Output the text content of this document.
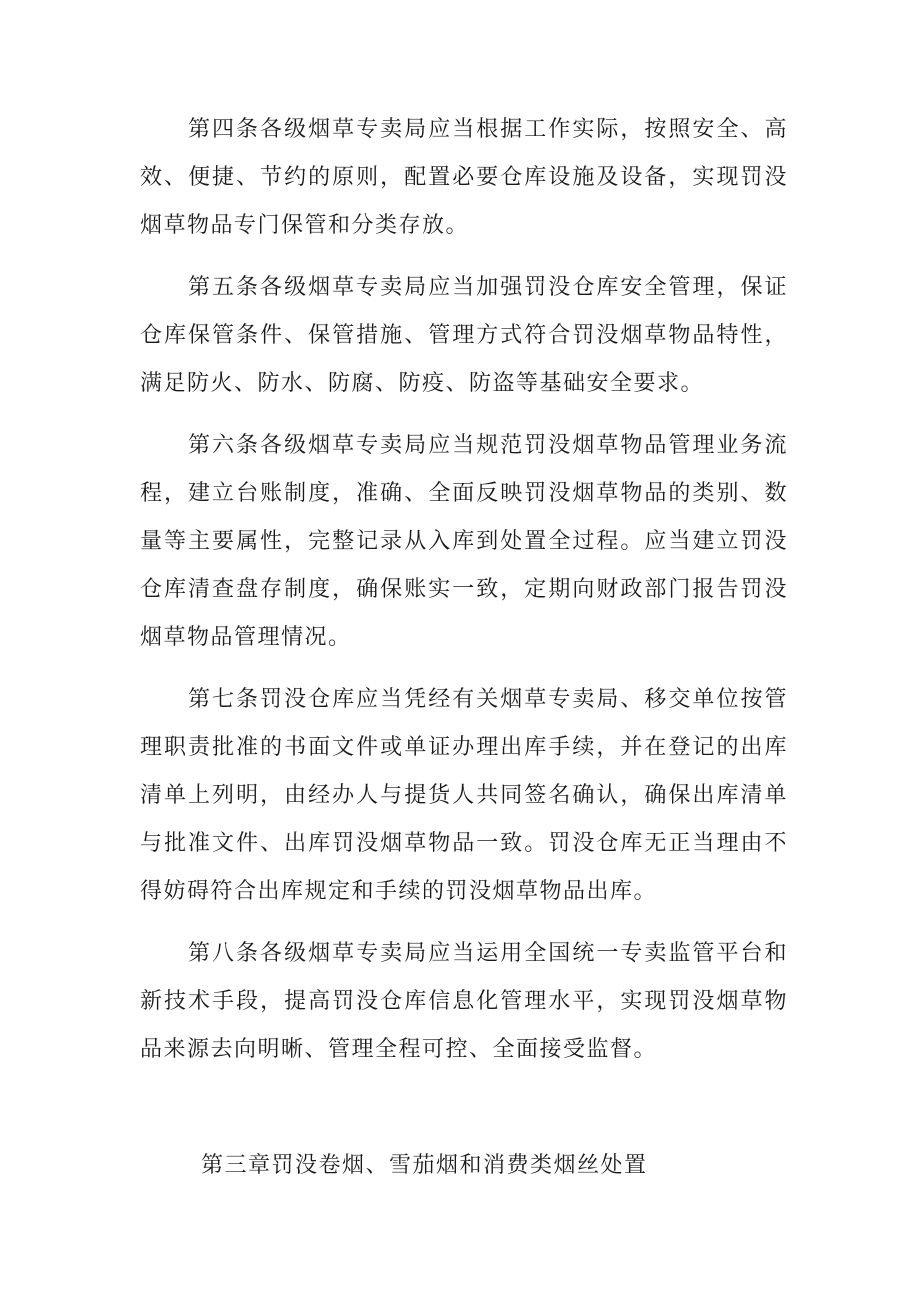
第四条各级烟草专卖局应当根据工作实际，按照安全、高效、便捷、节约的原则，配置必要仓库设施及设备，实现罚没烟草物品专门保管和分类存放。

第五条各级烟草专卖局应当加强罚没仓库安全管理，保证仓库保管条件、保管措施、管理方式符合罚没烟草物品特性，满足防火、防水、防腐、防疫、防盗等基础安全要求。

第六条各级烟草专卖局应当规范罚没烟草物品管理业务流程，建立台账制度，准确、全面反映罚没烟草物品的类别、数量等主要属性，完整记录从入库到处置全过程。应当建立罚没仓库清查盘存制度，确保账实一致，定期向财政部门报告罚没烟草物品管理情况。

第七条罚没仓库应当凭经有关烟草专卖局、移交单位按管理职责批准的书面文件或单证办理出库手续，并在登记的出库清单上列明，由经办人与提货人共同签名确认，确保出库清单与批准文件、出库罚没烟草物品一致。罚没仓库无正当理由不得妨碍符合出库规定和手续的罚没烟草物品出库。

第八条各级烟草专卖局应当运用全国统一专卖监管平台和新技术手段，提高罚没仓库信息化管理水平，实现罚没烟草物品来源去向明晰、管理全程可控、全面接受监督。

第三章罚没卷烟、雪茄烟和消费类烟丝处置
